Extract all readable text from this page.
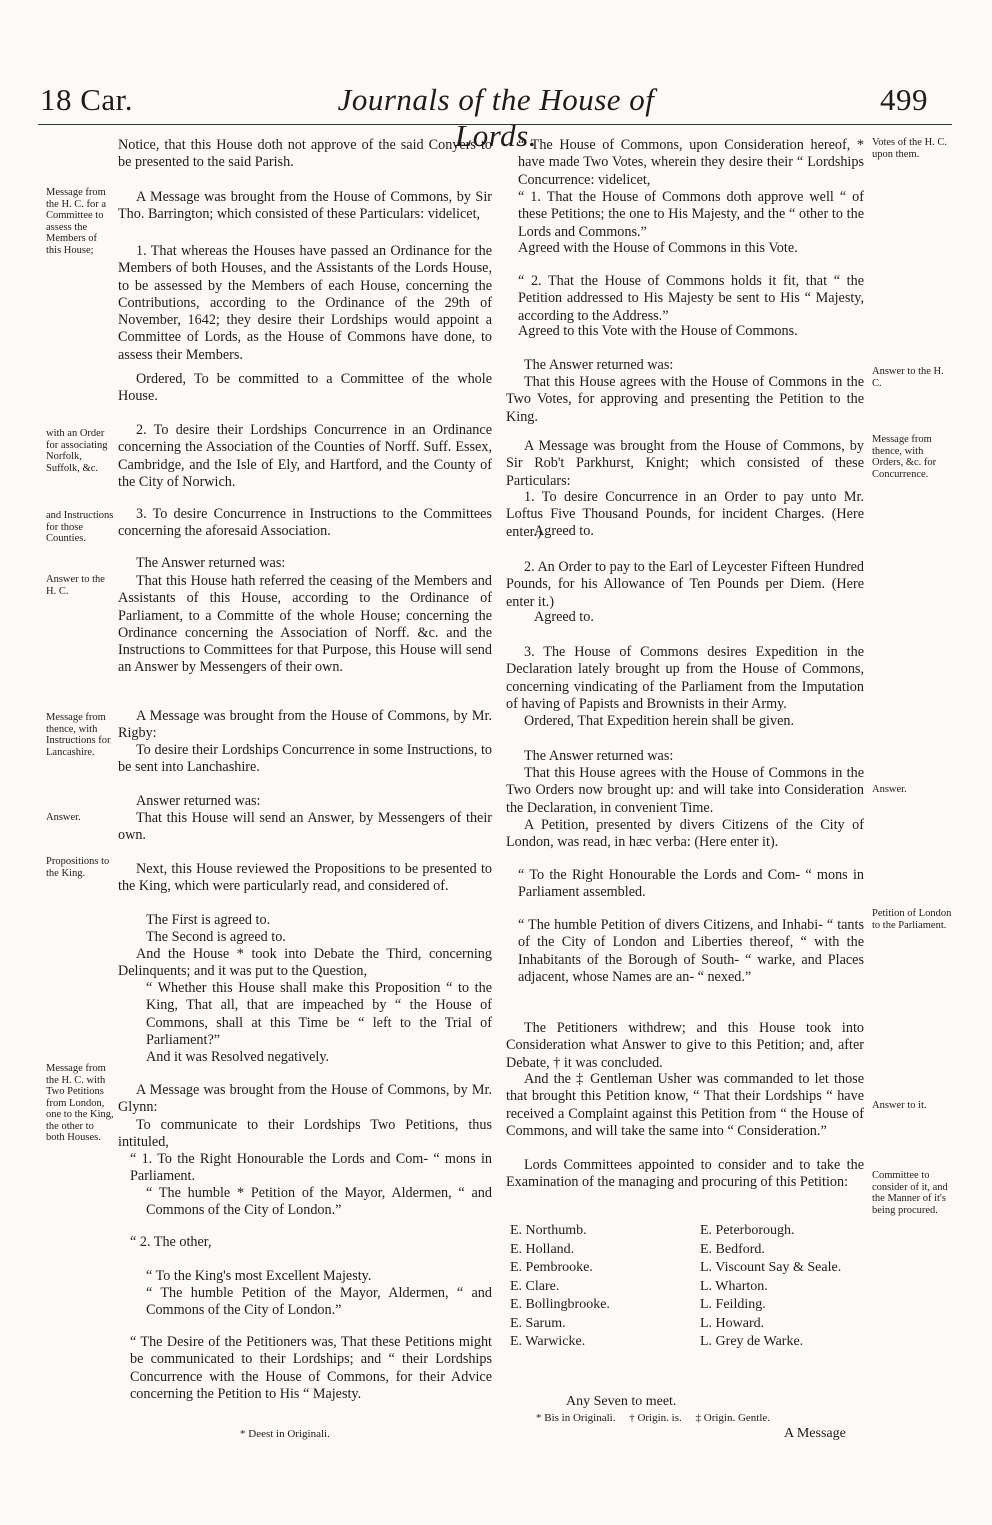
18 Car.	Journals of the House of Lords.
499
Message from the H. C. for a Committee to assess the Members of this House;
with an Order for associating Norfolk, Suffolk, &c.
and Instructions for those Counties.
Answer to the H. C.
Message from thence, with Instructions for Lancashire.
Answer.
Propositions to the King.
Message from the H. C. with Two Petitions from London, one to the King, the other to both Houses.

Notice, that this House doth not approve of the said Conyers to be presented to the said Parish.

A Message was brought from the House of Commons, by Sir Tho. Barrington; which consisted of these Particulars: videlicet,

1. That whereas the Houses have passed an Ordinance for the Members of both Houses, and the Assistants of the Lords House, to be assessed by the Members of each House, concerning the Contributions, according to the Ordinance of the 29th of November, 1642; they desire their Lordships would appoint a Committee of Lords, as the House of Commons have done, to assess their Members.

Ordered, To be committed to a Committee of the whole House.

2. To desire their Lordships Concurrence in an Ordinance concerning the Association of the Counties of Norff. Suff. Essex, Cambridge, and the Isle of Ely, and Hartford, and the County of the City of Norwich.

3. To desire Concurrence in Instructions to the Committees concerning the aforesaid Association.

The Answer returned was:

That this House hath referred the ceasing of the Members and Assistants of this House, according to the Ordinance of Parliament, to a Committe of the whole House; concerning the Ordinance concerning the Association of Norff. &c. and the Instructions to Committees for that Purpose, this House will send an Answer by Messengers of their own.

A Message was brought from the House of Commons, by Mr. Rigby:

To desire their Lordships Concurrence in some Instructions, to be sent into Lanchashire.

Answer returned was:

That this House will send an Answer, by Messengers of their own.

Next, this House reviewed the Propositions to be presented to the King, which were particularly read, and considered of.

The First is agreed to.

The Second is agreed to.

And the House * took into Debate the Third, concerning Delinquents; and it was put to the Question,

“ Whether this House shall make this Proposition “ to the King, That all, that are impeached by “ the House of Commons, shall at this Time be “ left to the Trial of Parliament?”

And it was Resolved negatively.

A Message was brought from the House of Commons, by Mr. Glynn:

To communicate to their Lordships Two Petitions, thus intituled,

“ 1. To the Right Honourable the Lords and Com- “ mons in Parliament.

“ The humble * Petition of the Mayor, Aldermen, “ and Commons of the City of London.”

“ 2. The other,

“ To the King's most Excellent Majesty.

“ The humble Petition of the Mayor, Aldermen, “ and Commons of the City of London.”

“ The Desire of the Petitioners was, That these Petitions might be communicated to their Lordships; and “ their Lordships Concurrence with the House of Commons, for their Advice concerning the Petition to His “ Majesty.

* Deest in Originali.

“ The House of Commons, upon Consideration hereof, * have made Two Votes, wherein they desire their “ Lordships Concurrence: videlicet,

“ 1. That the House of Commons doth approve well “ of these Petitions; the one to His Majesty, and the “ other to the Lords and Commons.”

Agreed with the House of Commons in this Vote.

“ 2. That the House of Commons holds it fit, that “ the Petition addressed to His Majesty be sent to His “ Majesty, according to the Address.”

Agreed to this Vote with the House of Commons.

The Answer returned was:

That this House agrees with the House of Commons in the Two Votes, for approving and presenting the Petition to the King.

A Message was brought from the House of Commons, by Sir Rob't Parkhurst, Knight; which consisted of these Particulars:

1. To desire Concurrence in an Order to pay unto Mr. Loftus Five Thousand Pounds, for incident Charges. (Here enter.)

Agreed to.

2. An Order to pay to the Earl of Leycester Fifteen Hundred Pounds, for his Allowance of Ten Pounds per Diem. (Here enter it.)

Agreed to.

3. The House of Commons desires Expedition in the Declaration lately brought up from the House of Commons, concerning vindicating of the Parliament from the Imputation of having of Papists and Brownists in their Army.

Ordered, That Expedition herein shall be given.

The Answer returned was:

That this House agrees with the House of Commons in the Two Orders now brought up: and will take into Consideration the Declaration, in convenient Time.

A Petition, presented by divers Citizens of the City of London, was read, in hæc verba: (Here enter it).

“ To the Right Honourable the Lords and Com- “ mons in Parliament assembled.

“ The humble Petition of divers Citizens, and Inhabi- “ tants of the City of London and Liberties thereof, “ with the Inhabitants of the Borough of South- “ warke, and Places adjacent, whose Names are an- “ nexed.”

The Petitioners withdrew; and this House took into Consideration what Answer to give to this Petition; and, after Debate, † it was concluded.

And the ‡ Gentleman Usher was commanded to let those that brought this Petition know, “ That their Lordships “ have received a Complaint against this Petition from “ the House of Commons, and will take the same into “ Consideration.”

Lords Committees appointed to consider and to take the Examination of the managing and procuring of this Petition:

E. Northumb.
E. Holland.
E. Pembrooke.
E. Clare.
E. Bollingbrooke.
E. Sarum.
E. Warwicke.
E. Peterborough.
E. Bedford.
L. Viscount Say & Seale.
L. Wharton.
L. Feilding.
L. Howard.
L. Grey de Warke.
Any Seven to meet.
* Bis in Originali.     † Origin. is.     ‡ Origin. Gentle.
A Message
Votes of the H. C. upon them.
Answer to the H. C.
Message from thence, with Orders, &c. for Concurrence.
Answer.
Petition of London to the Parliament.
Answer to it.
Committee to consider of it, and the Manner of it's being procured.
